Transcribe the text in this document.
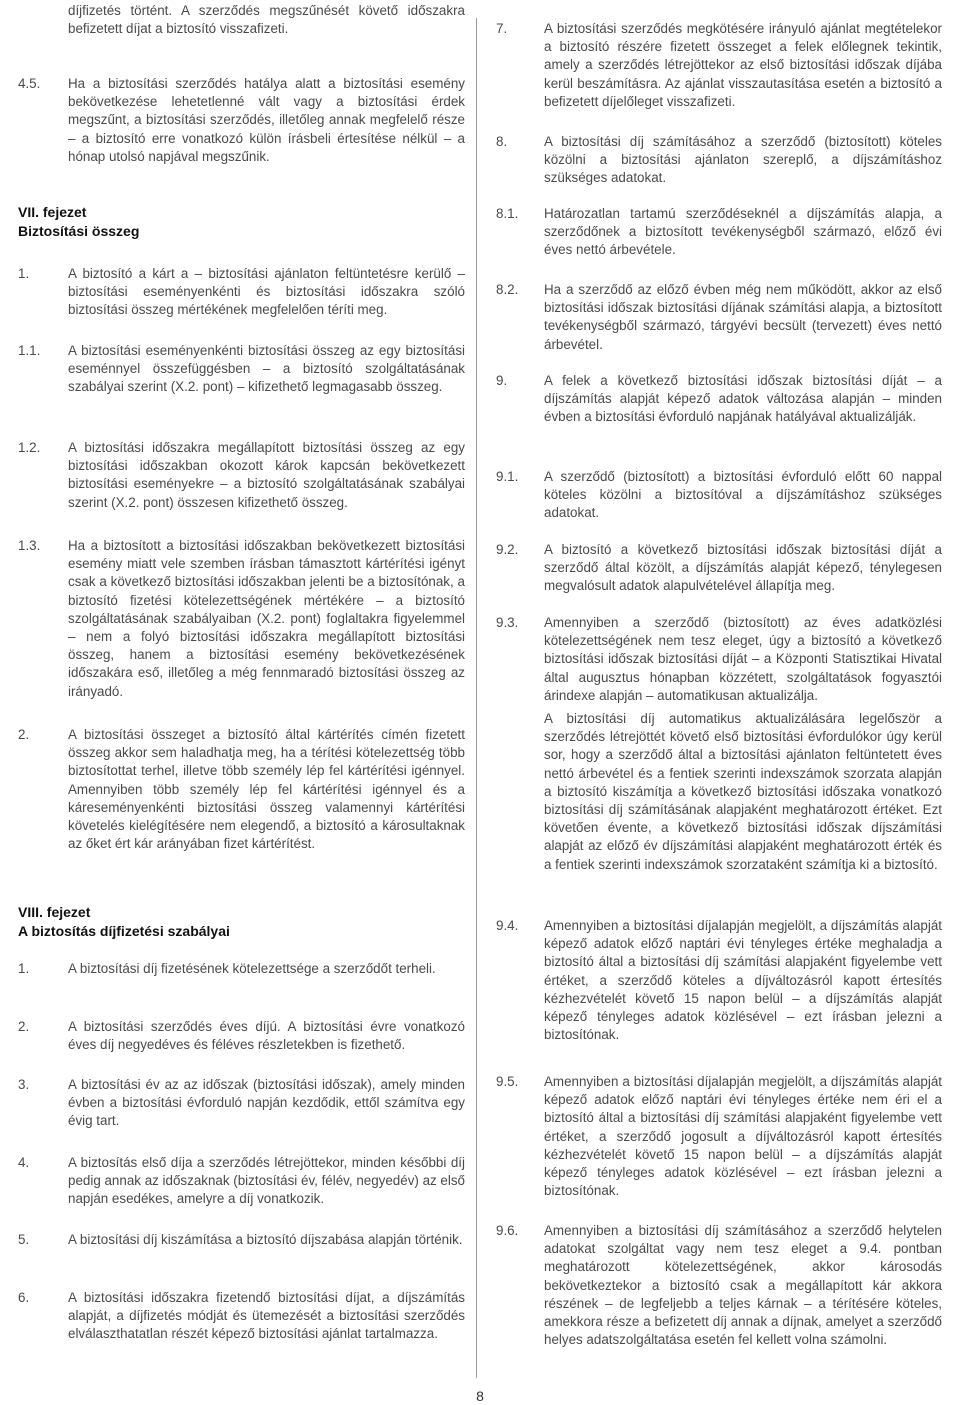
díjfizetés történt. A szerződés megszűnését követő időszakra befizetett díjat a biztosító visszafizeti.
4.5.	Ha a biztosítási szerződés hatálya alatt a biztosítási esemény bekövetkezése lehetetlenné vált vagy a biztosítási érdek megszűnt, a biztosítási szerződés, illetőleg annak megfelelő része – a biztosító erre vonatkozó külön írásbeli értesítése nélkül – a hónap utolsó napjával megszűnik.
VII. fejezet
Biztosítási összeg
1.	A biztosító a kárt a – biztosítási ajánlaton feltüntetésre kerülő – biztosítási eseményenkénti és biztosítási időszakra szóló biztosítási összeg mértékének megfelelően téríti meg.
1.1.	A biztosítási eseményenkénti biztosítási összeg az egy biztosítási eseménnyel összefüggésben – a biztosító szolgáltatásának szabályai szerint (X.2. pont) – kifizethető legmagasabb összeg.
1.2.	A biztosítási időszakra megállapított biztosítási összeg az egy biztosítási időszakban okozott károk kapcsán bekövetkezett biztosítási eseményekre – a biztosító szolgáltatásának szabályai szerint (X.2. pont) összesen kifizethető összeg.
1.3.	Ha a biztosított a biztosítási időszakban bekövetkezett biztosítási esemény miatt vele szemben írásban támasztott kártérítési igényt csak a következő biztosítási időszakban jelenti be a biztosítónak, a biztosító fizetési kötelezettségének mértékére – a biztosító szolgáltatásának szabályaiban (X.2. pont) foglaltakra figyelemmel – nem a folyó biztosítási időszakra megállapított biztosítási összeg, hanem a biztosítási esemény bekövetkezésének időszakára eső, illetőleg a még fennmaradó biztosítási összeg az irányadó.
2.	A biztosítási összeget a biztosító által kártérítés címén fizetett összeg akkor sem haladhatja meg, ha a térítési kötelezettség több biztosítottat terhel, illetve több személy lép fel kártérítési igénnyel. Amennyiben több személy lép fel kártérítési igénnyel és a káreseményenkénti biztosítási összeg valamennyi kártérítési követelés kielégítésére nem elegendő, a biztosító a károsultaknak az őket ért kár arányában fizet kártérítést.
VIII. fejezet
A biztosítás díjfizetési szabályai
1.	A biztosítási díj fizetésének kötelezettsége a szerződőt terheli.
2.	A biztosítási szerződés éves díjú. A biztosítási évre vonatkozó éves díj negyedéves és féléves részletekben is fizethető.
3.	A biztosítási év az az időszak (biztosítási időszak), amely minden évben a biztosítási évforduló napján kezdődik, ettől számítva egy évig tart.
4.	A biztosítás első díja a szerződés létrejöttekor, minden későbbi díj pedig annak az időszaknak (biztosítási év, félév, negyedév) az első napján esedékes, amelyre a díj vonatkozik.
5.	A biztosítási díj kiszámítása a biztosító díjszabása alapján történik.
6.	A biztosítási időszakra fizetendő biztosítási díjat, a díjszámítás alapját, a díjfizetés módját és ütemezését a biztosítási szerződés elválaszthatatlan részét képező biztosítási ajánlat tartalmazza.
7.	A biztosítási szerződés megkötésére irányuló ajánlat megtételekor a biztosító részére fizetett összeget a felek előlegnek tekintik, amely a szerződés létrejöttekor az első biztosítási időszak díjába kerül beszámításra. Az ajánlat visszautasítása esetén a biztosító a befizetett díjelőleget visszafizeti.
8.	A biztosítási díj számításához a szerződő (biztosított) köteles közölni a biztosítási ajánlaton szereplő, a díjszámításhoz szükséges adatokat.
8.1.	Határozatlan tartamú szerződéseknél a díjszámítás alapja, a szerződőnek a biztosított tevékenységből származó, előző évi éves nettó árbevétele.
8.2.	Ha a szerződő az előző évben még nem működött, akkor az első biztosítási időszak biztosítási díjának számítási alapja, a biztosított tevékenységből származó, tárgyévi becsült (tervezett) éves nettó árbevétel.
9.	A felek a következő biztosítási időszak biztosítási díját – a díjszámítás alapját képező adatok változása alapján – minden évben a biztosítási évforduló napjának hatályával aktualizálják.
9.1.	A szerződő (biztosított) a biztosítási évforduló előtt 60 nappal köteles közölni a biztosítóval a díjszámításhoz szükséges adatokat.
9.2.	A biztosító a következő biztosítási időszak biztosítási díját a szerződő által közölt, a díjszámítás alapját képező, ténylegesen megvalósult adatok alapulvételével állapítja meg.
9.3.	Amennyiben a szerződő (biztosított) az éves adatközlési kötelezettségének nem tesz eleget, úgy a biztosító a következő biztosítási időszak biztosítási díját – a Központi Statisztikai Hivatal által augusztus hónapban közzétett, szolgáltatások fogyasztói árindexe alapján – automatikusan aktualizálja.
A biztosítási díj automatikus aktualizálására legelőször a szerződés létrejöttét követő első biztosítási évfordulókor úgy kerül sor, hogy a szerződő által a biztosítási ajánlaton feltüntetett éves nettó árbevétel és a fentiek szerinti indexszámok szorzata alapján a biztosító kiszámítja a következő biztosítási időszaka vonatkozó biztosítási díj számításának alapjaként meghatározott értéket. Ezt követően évente, a következő biztosítási időszak díjszámítási alapját az előző év díjszámítási alapjaként meghatározott érték és a fentiek szerinti indexszámok szorzataként számítja ki a biztosító.
9.4.	Amennyiben a biztosítási díjalapján megjelölt, a díjszámítás alapját képező adatok előző naptári évi tényleges értéke meghaladja a biztosító által a biztosítási díj számítási alapjaként figyelembe vett értéket, a szerződő köteles a díjváltozásról kapott értesítés kézhezvételét követő 15 napon belül – a díjszámítás alapját képező tényleges adatok közlésével – ezt írásban jelezni a biztosítónak.
9.5.	Amennyiben a biztosítási díjalapján megjelölt, a díjszámítás alapját képező adatok előző naptári évi tényleges értéke nem éri el a biztosító által a biztosítási díj számítási alapjaként figyelembe vett értéket, a szerződő jogosult a díjváltozásról kapott értesítés kézhezvételét követő 15 napon belül – a díjszámítás alapját képező tényleges adatok közlésével – ezt írásban jelezni a biztosítónak.
9.6.	Amennyiben a biztosítási díj számításához a szerződő helytelen adatokat szolgáltat vagy nem tesz eleget a 9.4. pontban meghatározott kötelezettségének, akkor károsodás bekövetkeztekor a biztosító csak a megállapított kár akkora részének – de legfeljebb a teljes kárnak – a térítésére köteles, amekkora része a befizetett díj annak a díjnak, amelyet a szerződő helyes adatszolgáltatása esetén fel kellett volna számolni.
8
